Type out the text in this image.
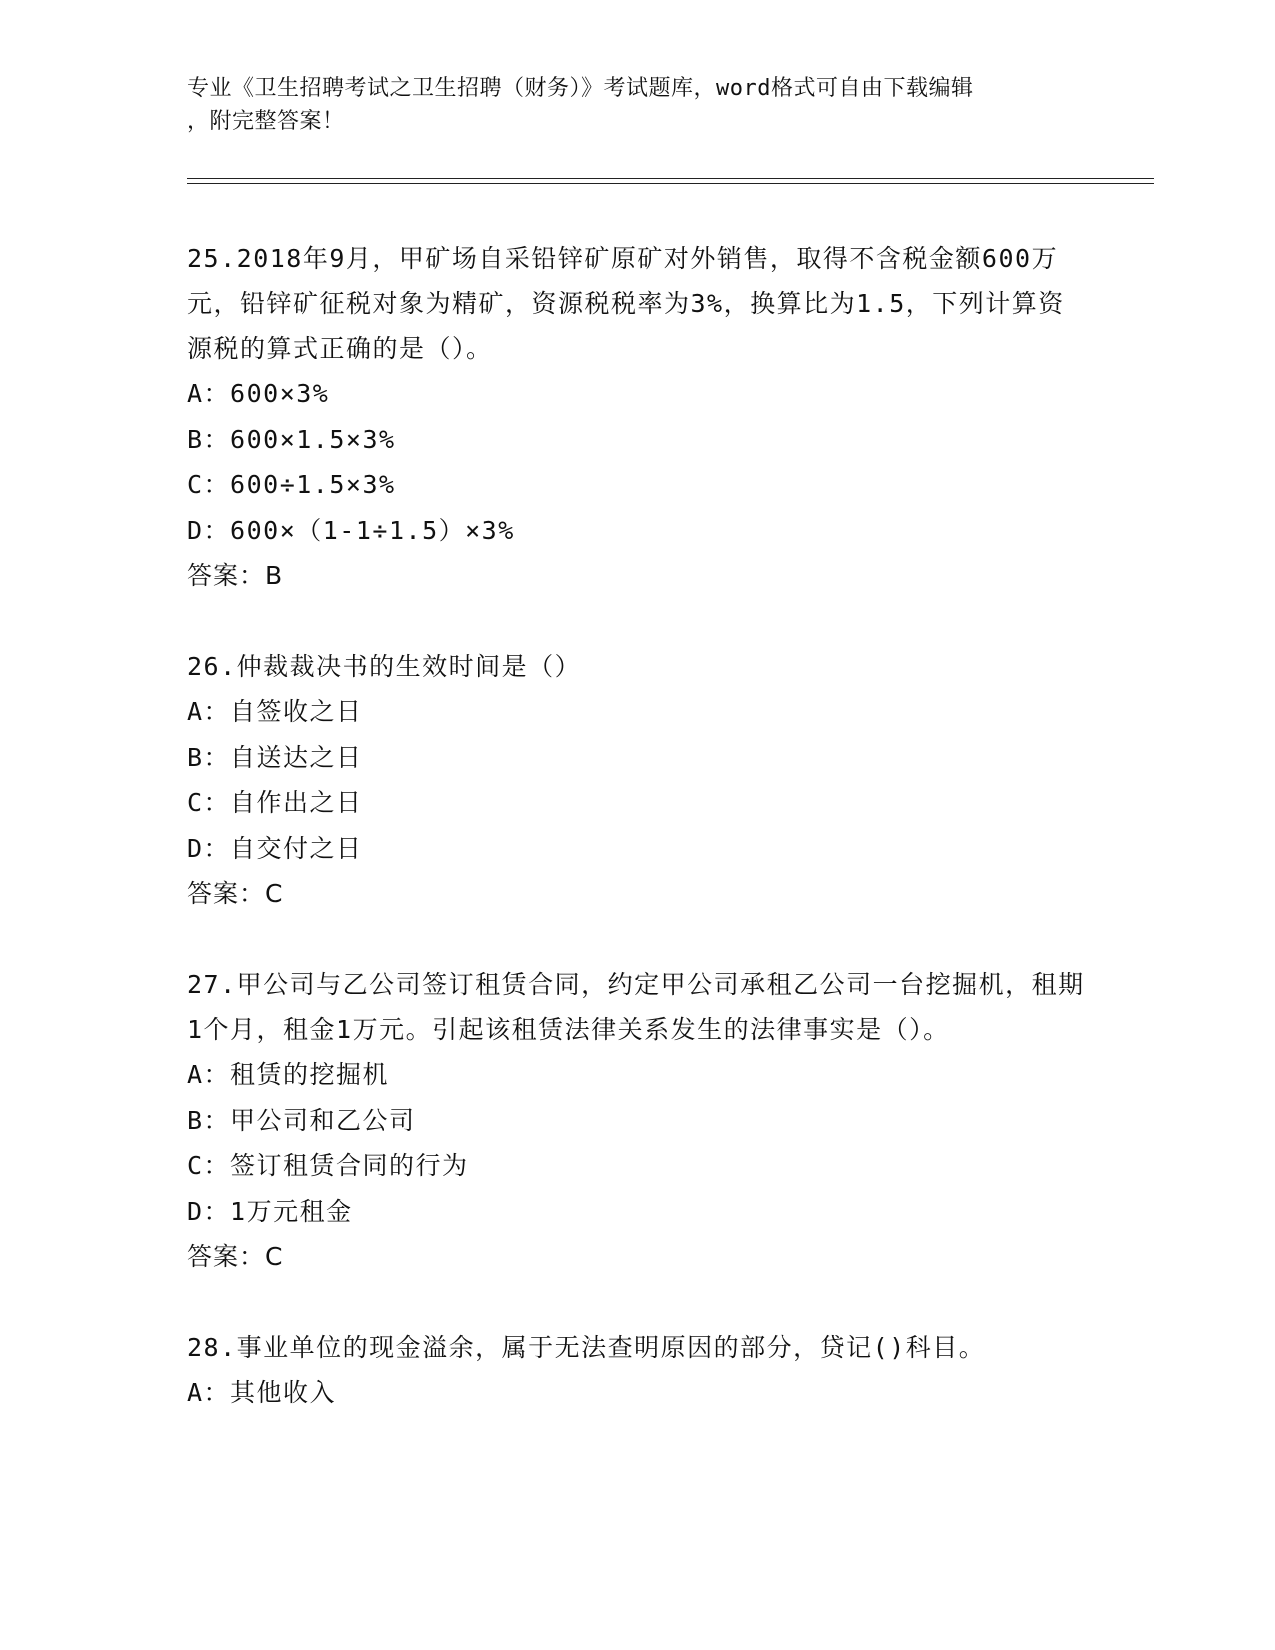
专业《卫生招聘考试之卫生招聘（财务）》考试题库，word格式可自由下载编辑
，附完整答案！

25.2018年9月，甲矿场自采铅锌矿原矿对外销售，取得不含税金额600万元，铅锌矿征税对象为精矿，资源税税率为3%，换算比为1.5，下列计算资源税的算式正确的是（）。

A：600×3%

B：600×1.5×3%

C：600÷1.5×3%

D：600×（1-1÷1.5）×3%

答案：B

26.仲裁裁决书的生效时间是（）

A：自签收之日

B：自送达之日

C：自作出之日

D：自交付之日

答案：C

27.甲公司与乙公司签订租赁合同，约定甲公司承租乙公司一台挖掘机，租期1个月，租金1万元。引起该租赁法律关系发生的法律事实是（）。

A：租赁的挖掘机

B：甲公司和乙公司

C：签订租赁合同的行为

D：1万元租金

答案：C

28.事业单位的现金溢余，属于无法查明原因的部分，贷记()科目。

A：其他收入
